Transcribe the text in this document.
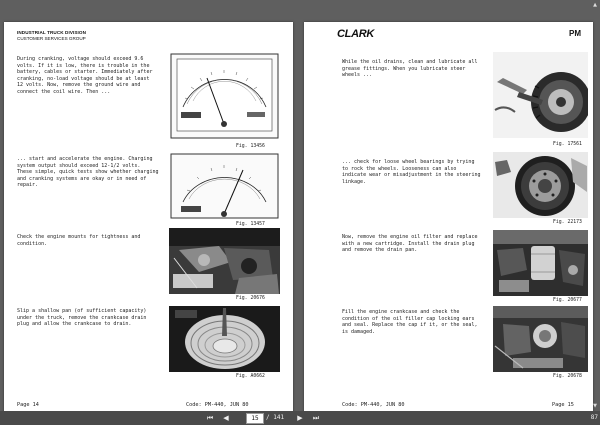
INDUSTRIAL TRUCK DIVISION
CUSTOMER SERVICES GROUP
During cranking, voltage should exceed 9.6
volts. If it is low, there is trouble in the
battery, cables or starter. Immediately after
cranking, no-load voltage should be at least
12 volts. Now, remove the ground wire and
connect the coil wire. Then ...
Fig. 13456
... start and accelerate the engine. Charging
system output should exceed 12-1/2 volts.
These simple, quick tests show whether charging
and cranking systems are okay or in need of
repair.
Fig. 13457
Check the engine mounts for tightness and
condition.
Fig. 20676
Slip a shallow pan (of sufficient capacity)
under the truck, remove the crankcase drain
plug and allow the crankcase to drain.
Fig. A0662
Page 14	Code: PM-440, JUN 80
CLARK	PM
While the oil drains, clean and lubricate all
grease fittings. When you lubricate steer
wheels ...
Fig. 17561
... check for loose wheel bearings by trying
to rock the wheels. Looseness can also
indicate wear or misadjustment in the steering
linkage.
Fig. 22173
Now, remove the engine oil filter and replace
with a new cartridge. Install the drain plug
and remove the drain pan.
Fig. 20677
Fill the engine crankcase and check the
condition of the oil filler cap locking ears
and seal. Replace the cap if it, or the seal,
is damaged.
Fig. 20678
Code: PM-440, JUN 80	Page 15
▲
▼
⏮	◀	15	/ 141	▶	⏭	87
